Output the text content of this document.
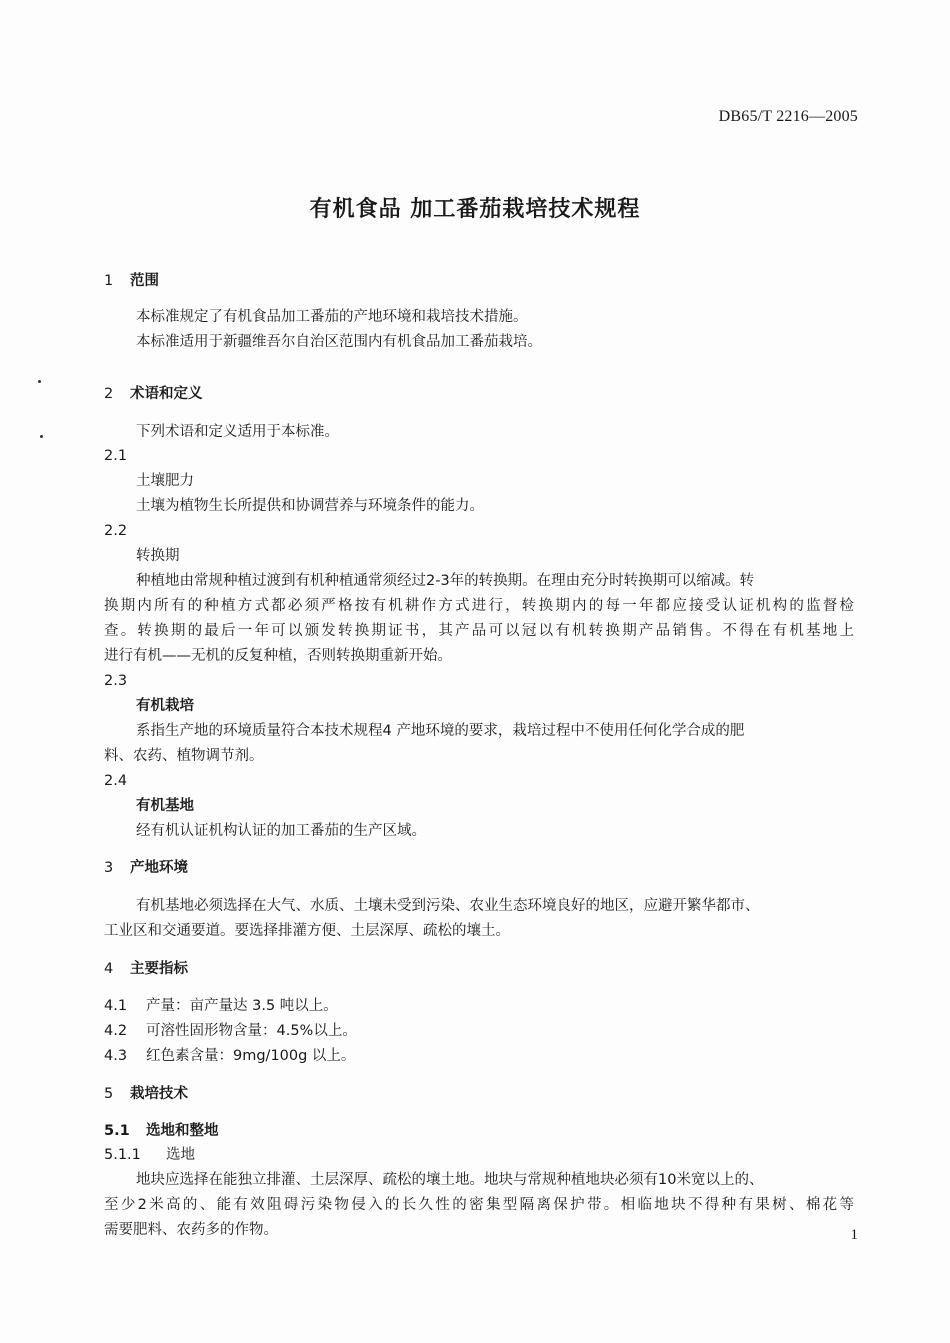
DB65/T 2216—2005
有机食品 加工番茄栽培技术规程
1 范围
本标准规定了有机食品加工番茄的产地环境和栽培技术措施。
本标准适用于新疆维吾尔自治区范围内有机食品加工番茄栽培。
2 术语和定义
下列术语和定义适用于本标准。
2.1
土壤肥力
土壤为植物生长所提供和协调营养与环境条件的能力。
2.2
转换期
种植地由常规种植过渡到有机种植通常须经过2-3年的转换期。在理由充分时转换期可以缩减。转
换期内所有的种植方式都必须严格按有机耕作方式进行，转换期内的每一年都应接受认证机构的监督检
查。转换期的最后一年可以颁发转换期证书，其产品可以冠以有机转换期产品销售。不得在有机基地上
进行有机——无机的反复种植，否则转换期重新开始。
2.3
有机栽培
系指生产地的环境质量符合本技术规程4 产地环境的要求，栽培过程中不使用任何化学合成的肥
料、农药、植物调节剂。
2.4
有机基地
经有机认证机构认证的加工番茄的生产区域。
3 产地环境
有机基地必须选择在大气、水质、土壤未受到污染、农业生态环境良好的地区，应避开繁华都市、
工业区和交通要道。要选择排灌方便、土层深厚、疏松的壤土。
4 主要指标
4.1 产量：亩产量达 3.5 吨以上。
4.2 可溶性固形物含量：4.5%以上。
4.3 红色素含量：9mg/100g 以上。
5 栽培技术
5.1 选地和整地
5.1.1 选地
地块应选择在能独立排灌、土层深厚、疏松的壤土地。地块与常规种植地块必须有10米宽以上的、
至少2米高的、能有效阻碍污染物侵入的长久性的密集型隔离保护带。相临地块不得种有果树、棉花等
需要肥料、农药多的作物。	1
